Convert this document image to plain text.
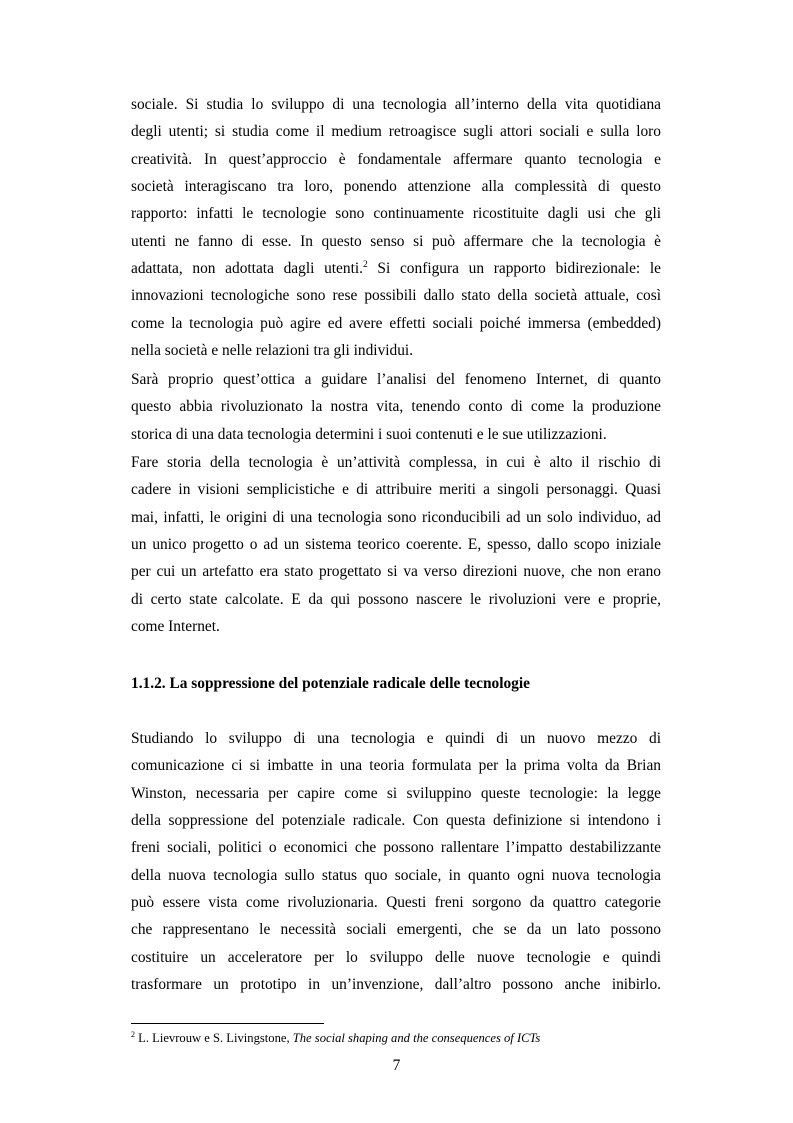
sociale. Si studia lo sviluppo di una tecnologia all’interno della vita quotidiana
degli utenti; si studia come il medium retroagisce sugli attori sociali e sulla loro
creatività. In quest’approccio è fondamentale affermare quanto tecnologia e
società interagiscano tra loro, ponendo attenzione alla complessità di questo
rapporto: infatti le tecnologie sono continuamente ricostituite dagli usi che gli
utenti ne fanno di esse. In questo senso si può affermare che la tecnologia è
adattata, non adottata dagli utenti.$^2$ Si configura un rapporto bidirezionale: le
innovazioni tecnologiche sono rese possibili dallo stato della società attuale, così
come la tecnologia può agire ed avere effetti sociali poiché immersa (embedded)
nella società e nelle relazioni tra gli individui.
Sarà proprio quest’ottica a guidare l’analisi del fenomeno Internet, di quanto
questo abbia rivoluzionato la nostra vita, tenendo conto di come la produzione
storica di una data tecnologia determini i suoi contenuti e le sue utilizzazioni.
Fare storia della tecnologia è un’attività complessa, in cui è alto il rischio di
cadere in visioni semplicistiche e di attribuire meriti a singoli personaggi. Quasi
mai, infatti, le origini di una tecnologia sono riconducibili ad un solo individuo, ad
un unico progetto o ad un sistema teorico coerente. E, spesso, dallo scopo iniziale
per cui un artefatto era stato progettato si va verso direzioni nuove, che non erano
di certo state calcolate. E da qui possono nascere le rivoluzioni vere e proprie,
come Internet.
1.1.2. La soppressione del potenziale radicale delle tecnologie
Studiando lo sviluppo di una tecnologia e quindi di un nuovo mezzo di
comunicazione ci si imbatte in una teoria formulata per la prima volta da Brian
Winston, necessaria per capire come si sviluppino queste tecnologie: la legge
della soppressione del potenziale radicale. Con questa definizione si intendono i
freni sociali, politici o economici che possono rallentare l’impatto destabilizzante
della nuova tecnologia sullo status quo sociale, in quanto ogni nuova tecnologia
può essere vista come rivoluzionaria. Questi freni sorgono da quattro categorie
che rappresentano le necessità sociali emergenti, che se da un lato possono
costituire un acceleratore per lo sviluppo delle nuove tecnologie e quindi
trasformare un prototipo in un’invenzione, dall’altro possono anche inibirlo.
$^2$ L. Lievrouw e S. Livingstone, The social shaping and the consequences of ICTs
7
